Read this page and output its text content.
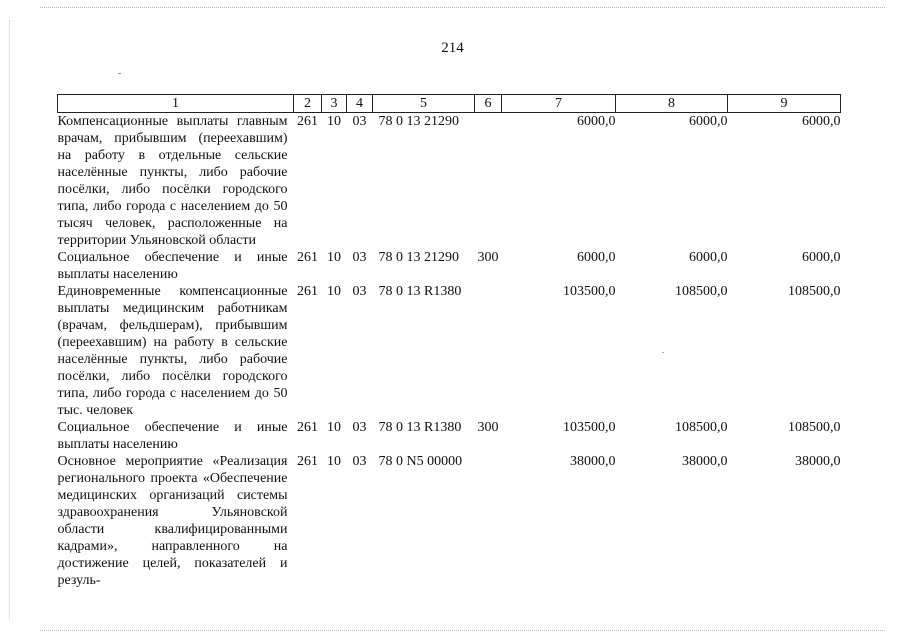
214
1	2	3	4	5	6	7	8	9
Компенсационные выплаты главным врачам, прибывшим (переехавшим) на работу в отдельные сельские населённые пункты, либо рабочие посёлки, либо посёлки городского типа, либо города с населением до 50 тысяч человек, расположенные на территории Ульяновской области	261	10	03	78 0 13 21290		6000,0	6000,0	6000,0
Социальное обеспечение и иные выплаты населению	261	10	03	78 0 13 21290	300	6000,0	6000,0	6000,0
Единовременные компенсационные выплаты медицинским работникам (врачам, фельдшерам), прибывшим (переехавшим) на работу в сельские населённые пункты, либо рабочие посёлки, либо посёлки городского типа, либо города с населением до 50 тыс. человек	261	10	03	78 0 13 R1380		103500,0	108500,0	108500,0
Социальное обеспечение и иные выплаты населению	261	10	03	78 0 13 R1380	300	103500,0	108500,0	108500,0
Основное мероприятие «Реализация регионального проекта «Обеспечение медицинских организаций системы здравоохранения Ульяновской области квалифицированными кадрами», направленного на достижение целей, показателей и резуль-	261	10	03	78 0 N5 00000		38000,0	38000,0	38000,0
